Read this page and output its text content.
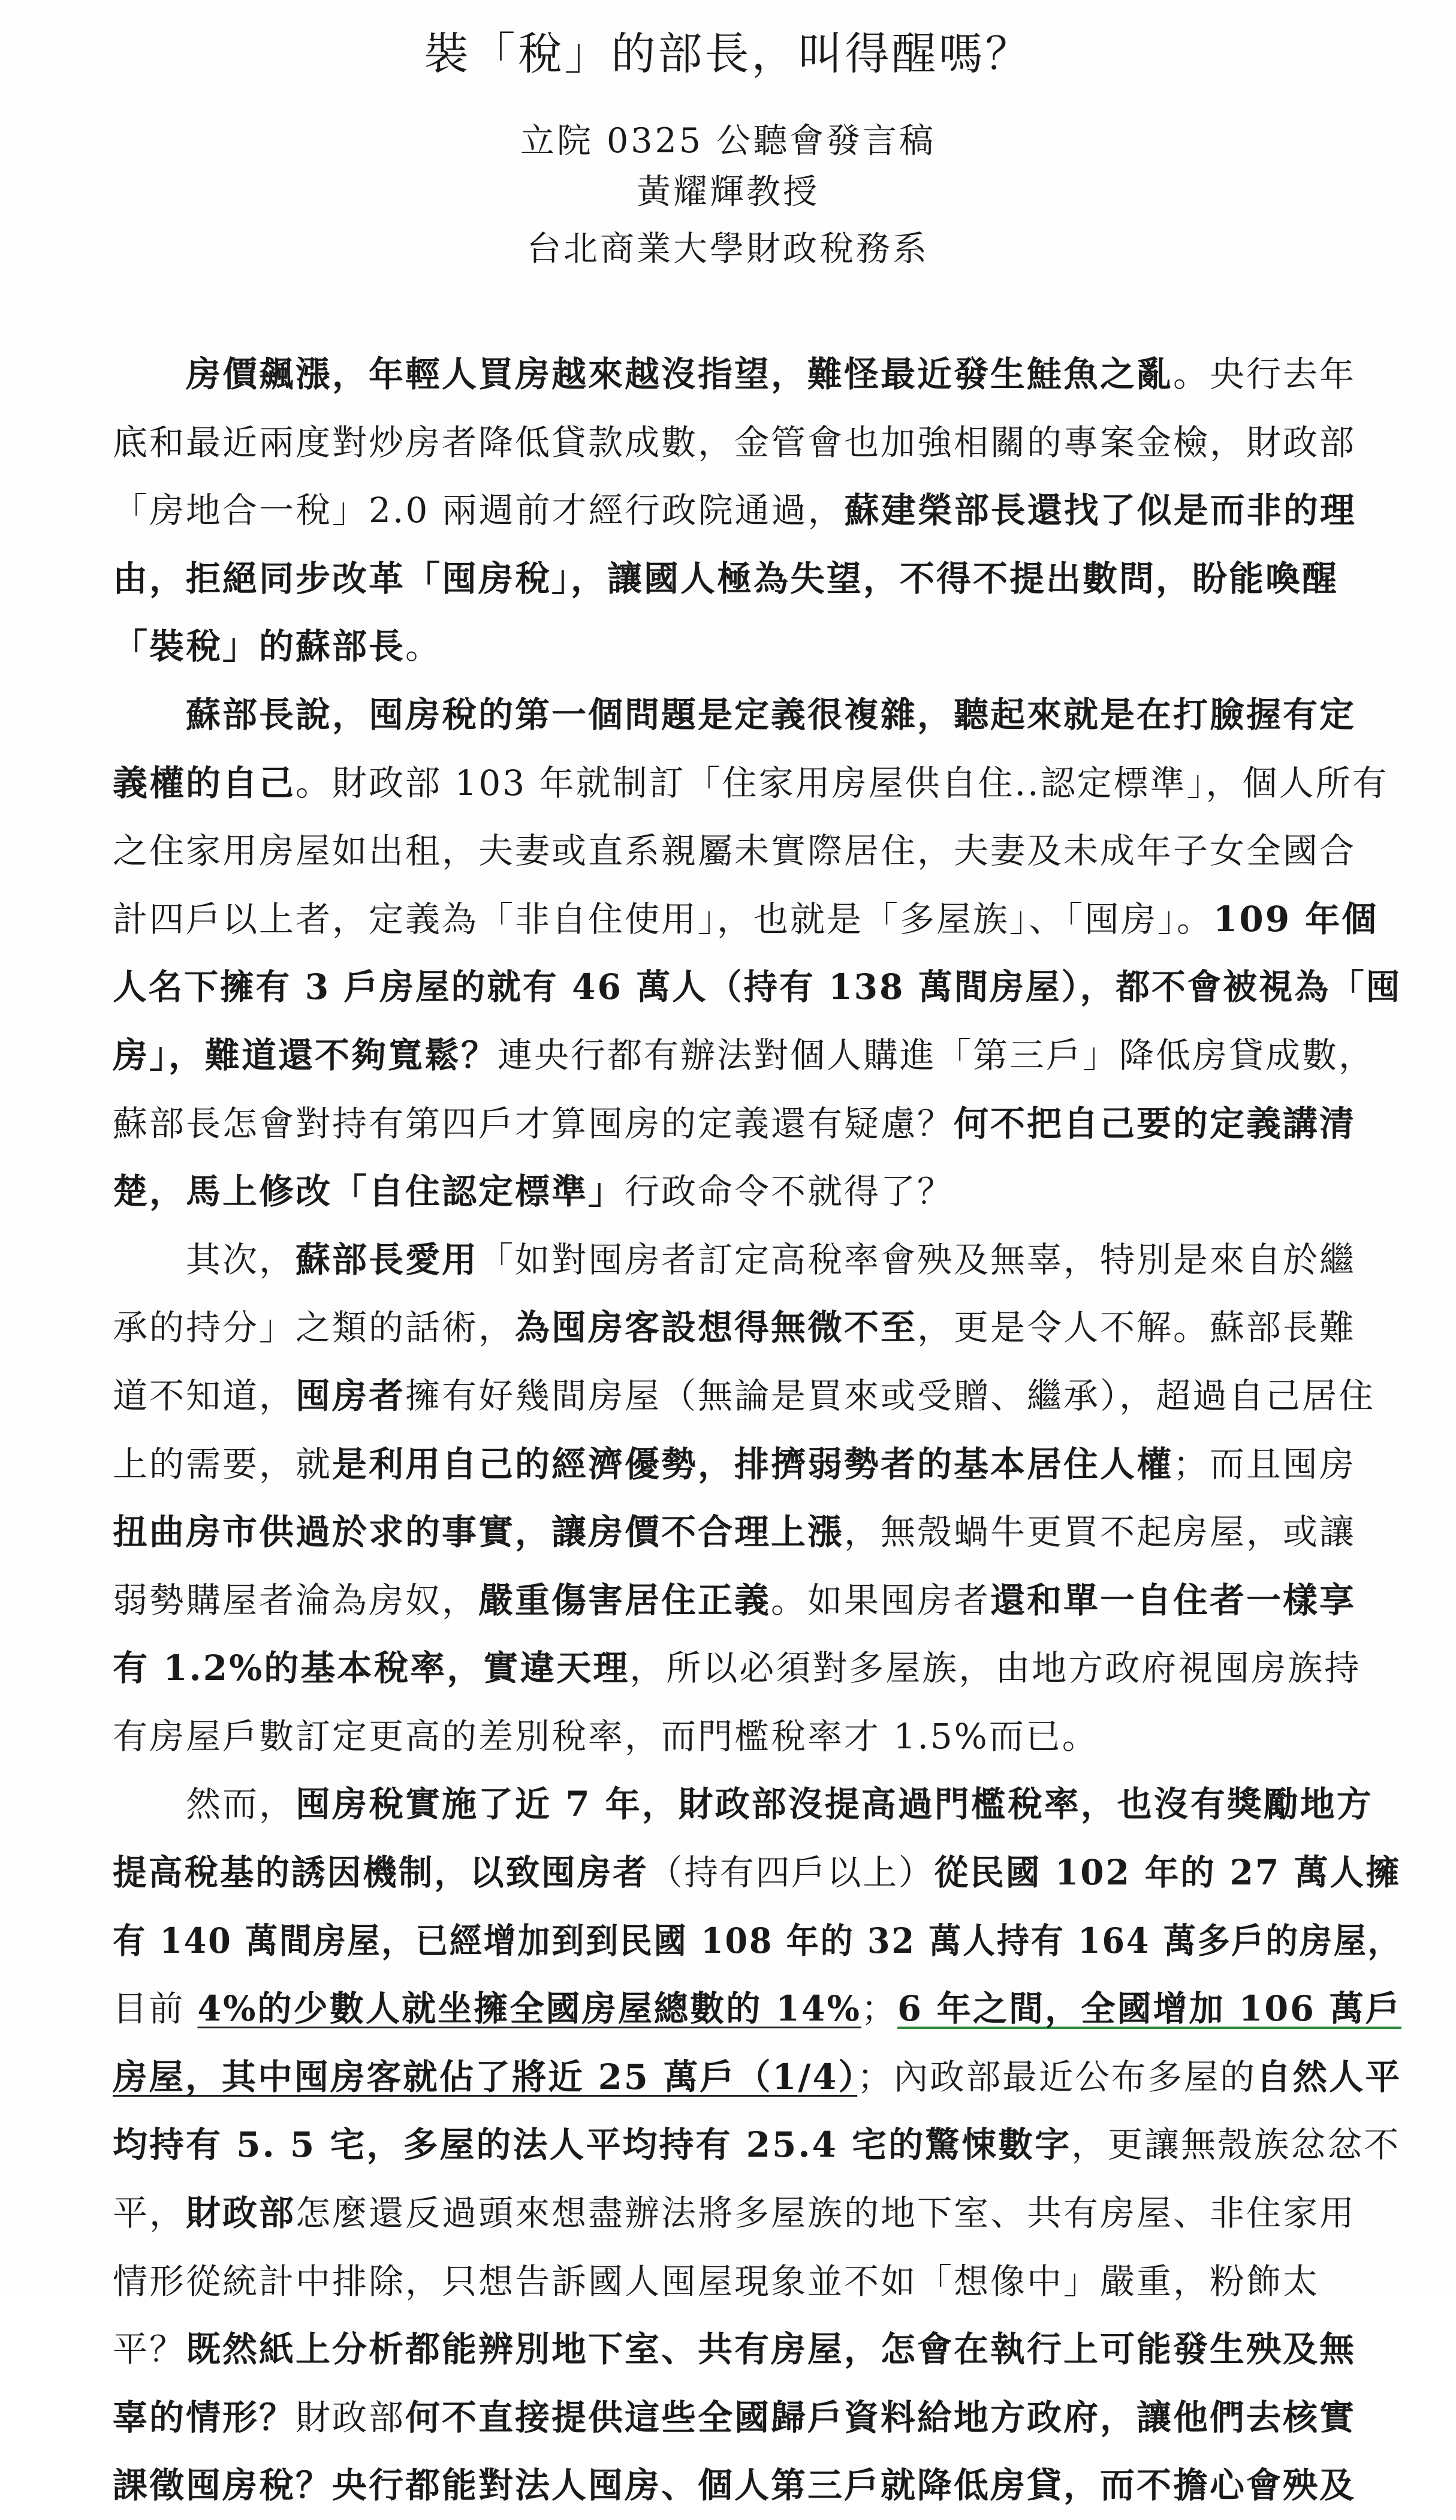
裝「稅」的部長，叫得醒嗎？
立院 0325 公聽會發言稿
黃耀輝教授
台北商業大學財政稅務系
　　房價飆漲，年輕人買房越來越沒指望，難怪最近發生鮭魚之亂。央行去年
底和最近兩度對炒房者降低貸款成數，金管會也加強相關的專案金檢，財政部
「房地合一稅」2.0 兩週前才經行政院通過，蘇建榮部長還找了似是而非的理
由，拒絕同步改革「囤房稅」，讓國人極為失望，不得不提出數問，盼能喚醒
「裝稅」的蘇部長。
　　蘇部長說，囤房稅的第一個問題是定義很複雜，聽起來就是在打臉握有定
義權的自己。財政部 103 年就制訂「住家用房屋供自住..認定標準」，個人所有
之住家用房屋如出租，夫妻或直系親屬未實際居住，夫妻及未成年子女全國合
計四戶以上者，定義為「非自住使用」，也就是「多屋族」、「囤房」。109 年個
人名下擁有 3 戶房屋的就有 46 萬人（持有 138 萬間房屋），都不會被視為「囤
房」，難道還不夠寬鬆？連央行都有辦法對個人購進「第三戶」降低房貸成數，
蘇部長怎會對持有第四戶才算囤房的定義還有疑慮？何不把自己要的定義講清
楚，馬上修改「自住認定標準」行政命令不就得了？
　　其次，蘇部長愛用「如對囤房者訂定高稅率會殃及無辜，特別是來自於繼
承的持分」之類的話術，為囤房客設想得無微不至，更是令人不解。蘇部長難
道不知道，囤房者擁有好幾間房屋（無論是買來或受贈、繼承），超過自己居住
上的需要，就是利用自己的經濟優勢，排擠弱勢者的基本居住人權；而且囤房
扭曲房市供過於求的事實，讓房價不合理上漲，無殼蝸牛更買不起房屋，或讓
弱勢購屋者淪為房奴，嚴重傷害居住正義。如果囤房者還和單一自住者一樣享
有 1.2%的基本稅率，實違天理，所以必須對多屋族，由地方政府視囤房族持
有房屋戶數訂定更高的差別稅率，而門檻稅率才 1.5%而已。
　　然而，囤房稅實施了近 7 年，財政部沒提高過門檻稅率，也沒有獎勵地方
提高稅基的誘因機制，以致囤房者（持有四戶以上）從民國 102 年的 27 萬人擁
有 140 萬間房屋，已經增加到到民國 108 年的 32 萬人持有 164 萬多戶的房屋，
目前 4%的少數人就坐擁全國房屋總數的 14%；6 年之間，全國增加 106 萬戶
房屋，其中囤房客就佔了將近 25 萬戶（1/4）；內政部最近公布多屋的自然人平
均持有 5. 5 宅，多屋的法人平均持有 25.4 宅的驚悚數字，更讓無殼族忿忿不
平，財政部怎麼還反過頭來想盡辦法將多屋族的地下室、共有房屋、非住家用
情形從統計中排除，只想告訴國人囤屋現象並不如「想像中」嚴重，粉飾太
平？既然紙上分析都能辨別地下室、共有房屋，怎會在執行上可能發生殃及無
辜的情形？財政部何不直接提供這些全國歸戶資料給地方政府，讓他們去核實
課徵囤房稅？央行都能對法人囤房、個人第三戶就降低房貸，而不擔心會殃及
